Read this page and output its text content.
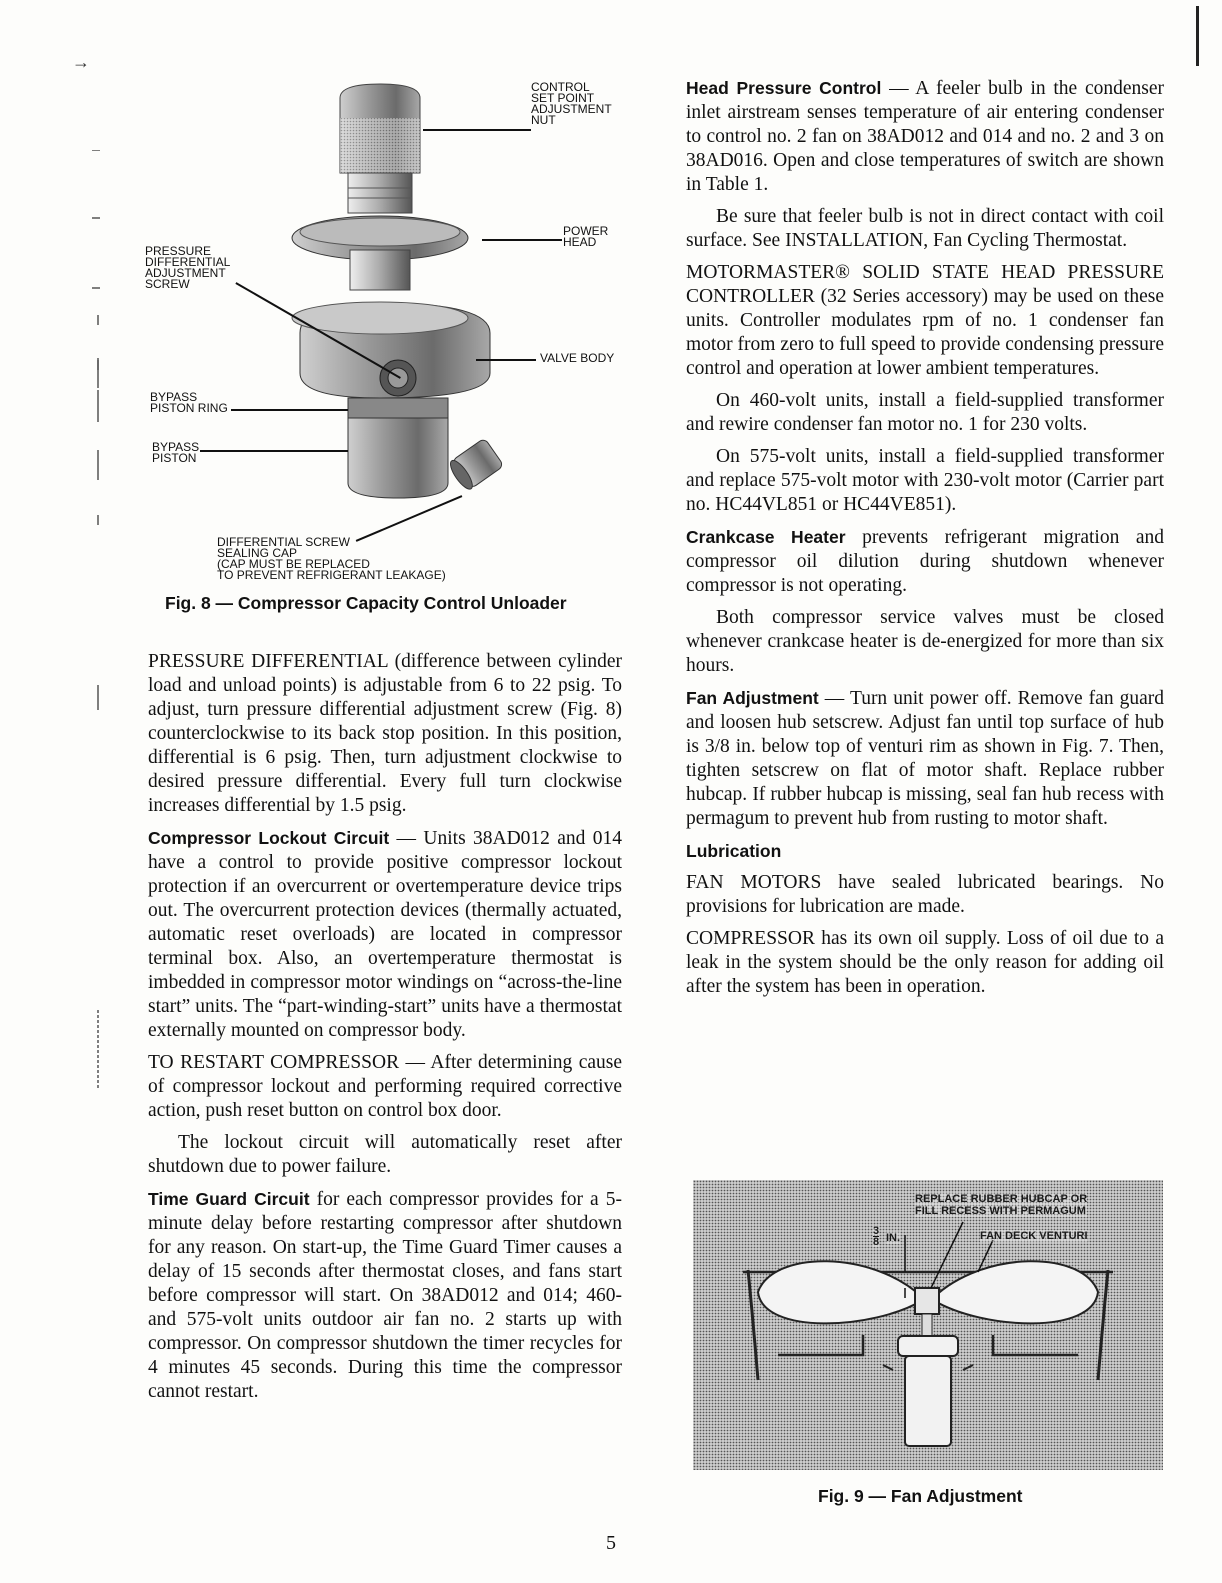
→
CONTROL
SET POINT
ADJUSTMENT
NUT
POWER
HEAD
PRESSURE
DIFFERENTIAL
ADJUSTMENT
SCREW
VALVE BODY
BYPASS
PISTON RING
BYPASS
PISTON
DIFFERENTIAL SCREW
SEALING CAP
(CAP MUST BE REPLACED
TO PREVENT REFRIGERANT LEAKAGE)
Fig. 8 — Compressor Capacity Control Unloader

PRESSURE DIFFERENTIAL (difference between cylinder load and unload points) is adjustable from 6 to 22 psig. To adjust, turn pressure differential adjustment screw (Fig. 8) counterclockwise to its back stop position. In this position, differential is 6 psig. Then, turn adjustment clockwise to desired pressure differential. Every full turn clockwise increases differential by 1.5 psig.

Compressor Lockout Circuit — Units 38AD012 and 014 have a control to provide positive compressor lockout protection if an overcurrent or overtemperature device trips out. The overcurrent protection devices (thermally actuated, automatic reset overloads) are located in compressor terminal box. Also, an overtemperature thermostat is imbedded in compressor motor windings on “across-the-line start” units. The “part-winding-start” units have a thermostat externally mounted on compressor body.

TO RESTART COMPRESSOR — After determining cause of compressor lockout and performing required corrective action, push reset button on control box door.

The lockout circuit will automatically reset after shutdown due to power failure.

Time Guard Circuit for each compressor provides for a 5-minute delay before restarting compressor after shutdown for any reason. On start-up, the Time Guard Timer causes a delay of 15 seconds after thermostat closes, and fans start before compressor will start. On 38AD012 and 014; 460- and 575-volt units outdoor air fan no. 2 starts up with compressor. On compressor shutdown the timer recycles for 4 minutes 45 seconds. During this time the compressor cannot restart.

Head Pressure Control — A feeler bulb in the condenser inlet airstream senses temperature of air entering condenser to control no. 2 fan on 38AD012 and 014 and no. 2 and 3 on 38AD016. Open and close temperatures of switch are shown in Table 1.

Be sure that feeler bulb is not in direct contact with coil surface. See INSTALLATION, Fan Cycling Thermostat.

MOTORMASTER® SOLID STATE HEAD PRESSURE CONTROLLER (32 Series accessory) may be used on these units. Controller modulates rpm of no. 1 condenser fan motor from zero to full speed to provide condensing pressure control and operation at lower ambient temperatures.

On 460-volt units, install a field-supplied transformer and rewire condenser fan motor no. 1 for 230 volts.

On 575-volt units, install a field-supplied transformer and replace 575-volt motor with 230-volt motor (Carrier part no. HC44VL851 or HC44VE851).

Crankcase Heater prevents refrigerant migration and compressor oil dilution during shutdown whenever compressor is not operating.

Both compressor service valves must be closed whenever crankcase heater is de-energized for more than six hours.

Fan Adjustment — Turn unit power off. Remove fan guard and loosen hub setscrew. Adjust fan until top surface of hub is 3/8 in. below top of venturi rim as shown in Fig. 7. Then, tighten setscrew on flat of motor shaft. Replace rubber hubcap. If rubber hubcap is missing, seal fan hub recess with permagum to prevent hub from rusting to motor shaft.

Lubrication

FAN MOTORS have sealed lubricated bearings. No provisions for lubrication are made.

COMPRESSOR has its own oil supply. Loss of oil due to a leak in the system should be the only reason for adding oil after the system has been in operation.

REPLACE RUBBER HUBCAP OR
FILL RECESS WITH PERMAGUM
$\frac{3}{8}$ IN.	FAN DECK VENTURI
Fig. 9 — Fan Adjustment
5
